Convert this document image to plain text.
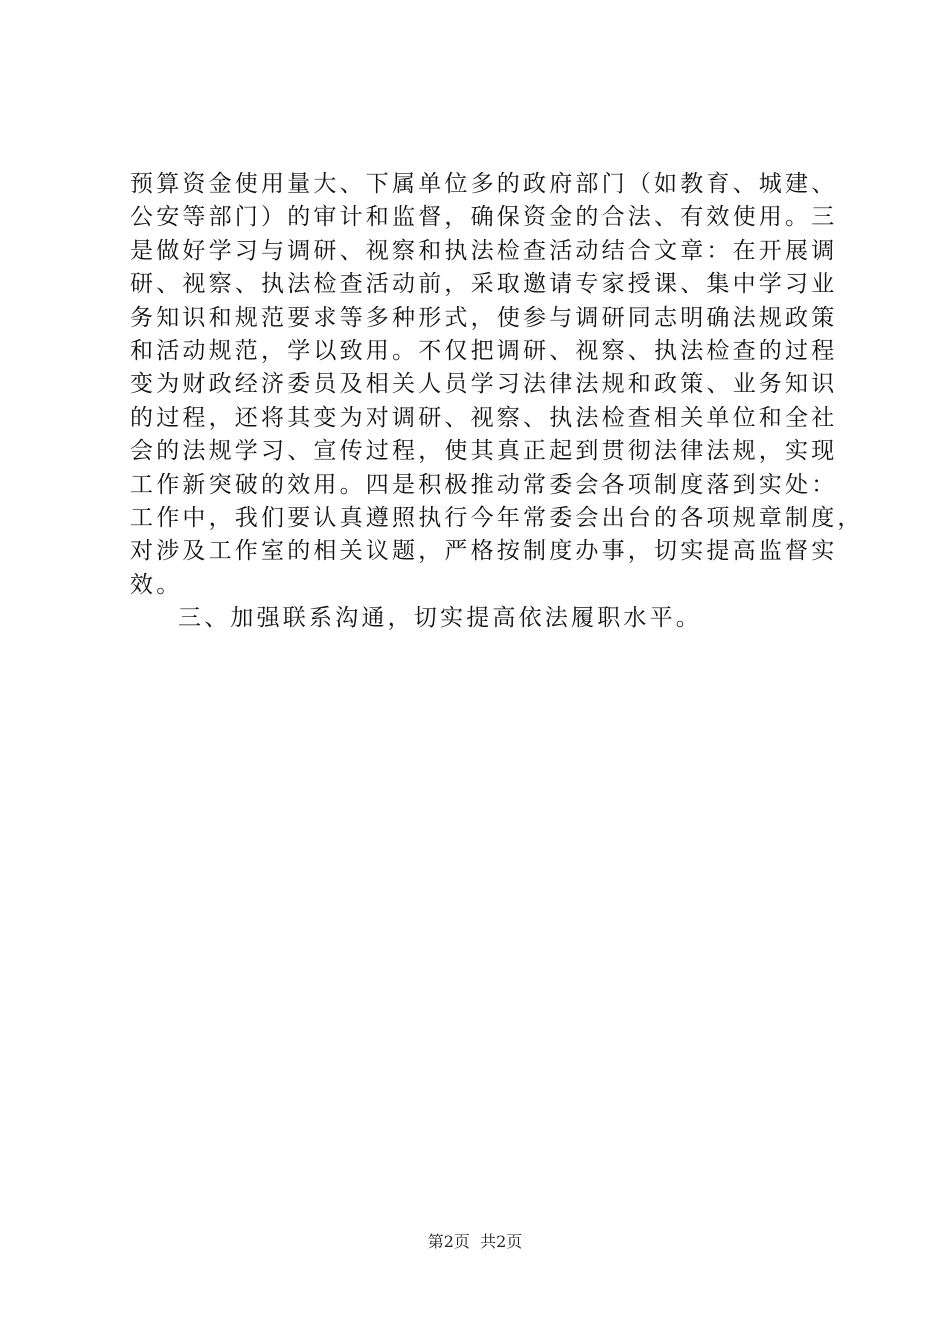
预算资金使用量大、下属单位多的政府部门（如教育、城建、
公安等部门）的审计和监督，确保资金的合法、有效使用。三
是做好学习与调研、视察和执法检查活动结合文章：在开展调
研、视察、执法检查活动前，采取邀请专家授课、集中学习业
务知识和规范要求等多种形式，使参与调研同志明确法规政策
和活动规范，学以致用。不仅把调研、视察、执法检查的过程
变为财政经济委员及相关人员学习法律法规和政策、业务知识
的过程，还将其变为对调研、视察、执法检查相关单位和全社
会的法规学习、宣传过程，使其真正起到贯彻法律法规，实现
工作新突破的效用。四是积极推动常委会各项制度落到实处：
工作中，我们要认真遵照执行今年常委会出台的各项规章制度，
对涉及工作室的相关议题，严格按制度办事，切实提高监督实
效。
三、加强联系沟通，切实提高依法履职水平。
第2页  共2页
